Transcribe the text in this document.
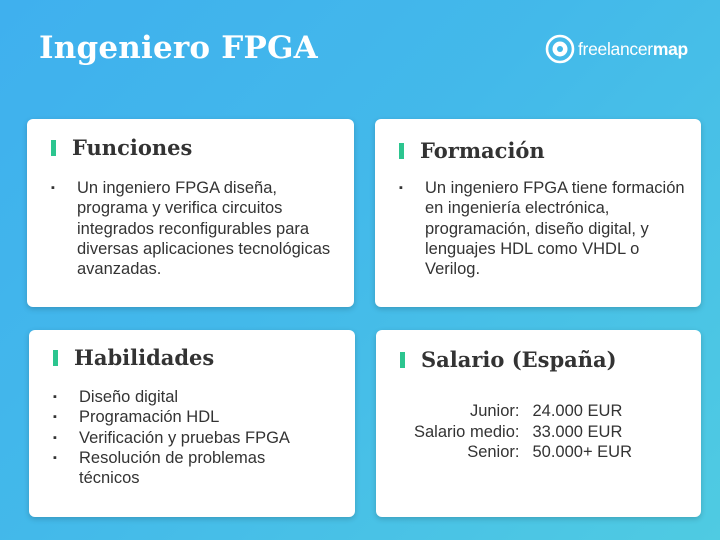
Ingeniero FPGA	freelancermap
Funciones
▪ Un ingeniero FPGA diseña, programa y verifica circuitos integrados reconfigurables para diversas aplicaciones tecnológicas avanzadas.
Formación
▪ Un ingeniero FPGA tiene formación en ingeniería electrónica, programación, diseño digital, y lenguajes HDL como VHDL o Verilog.
Habilidades
▪ Diseño digital
▪ Programación HDL
▪ Verificación y pruebas FPGA
▪ Resolución de problemas técnicos
Salario (España)
Junior:	24.000 EUR
Salario medio:	33.000 EUR
Senior:	50.000+ EUR
